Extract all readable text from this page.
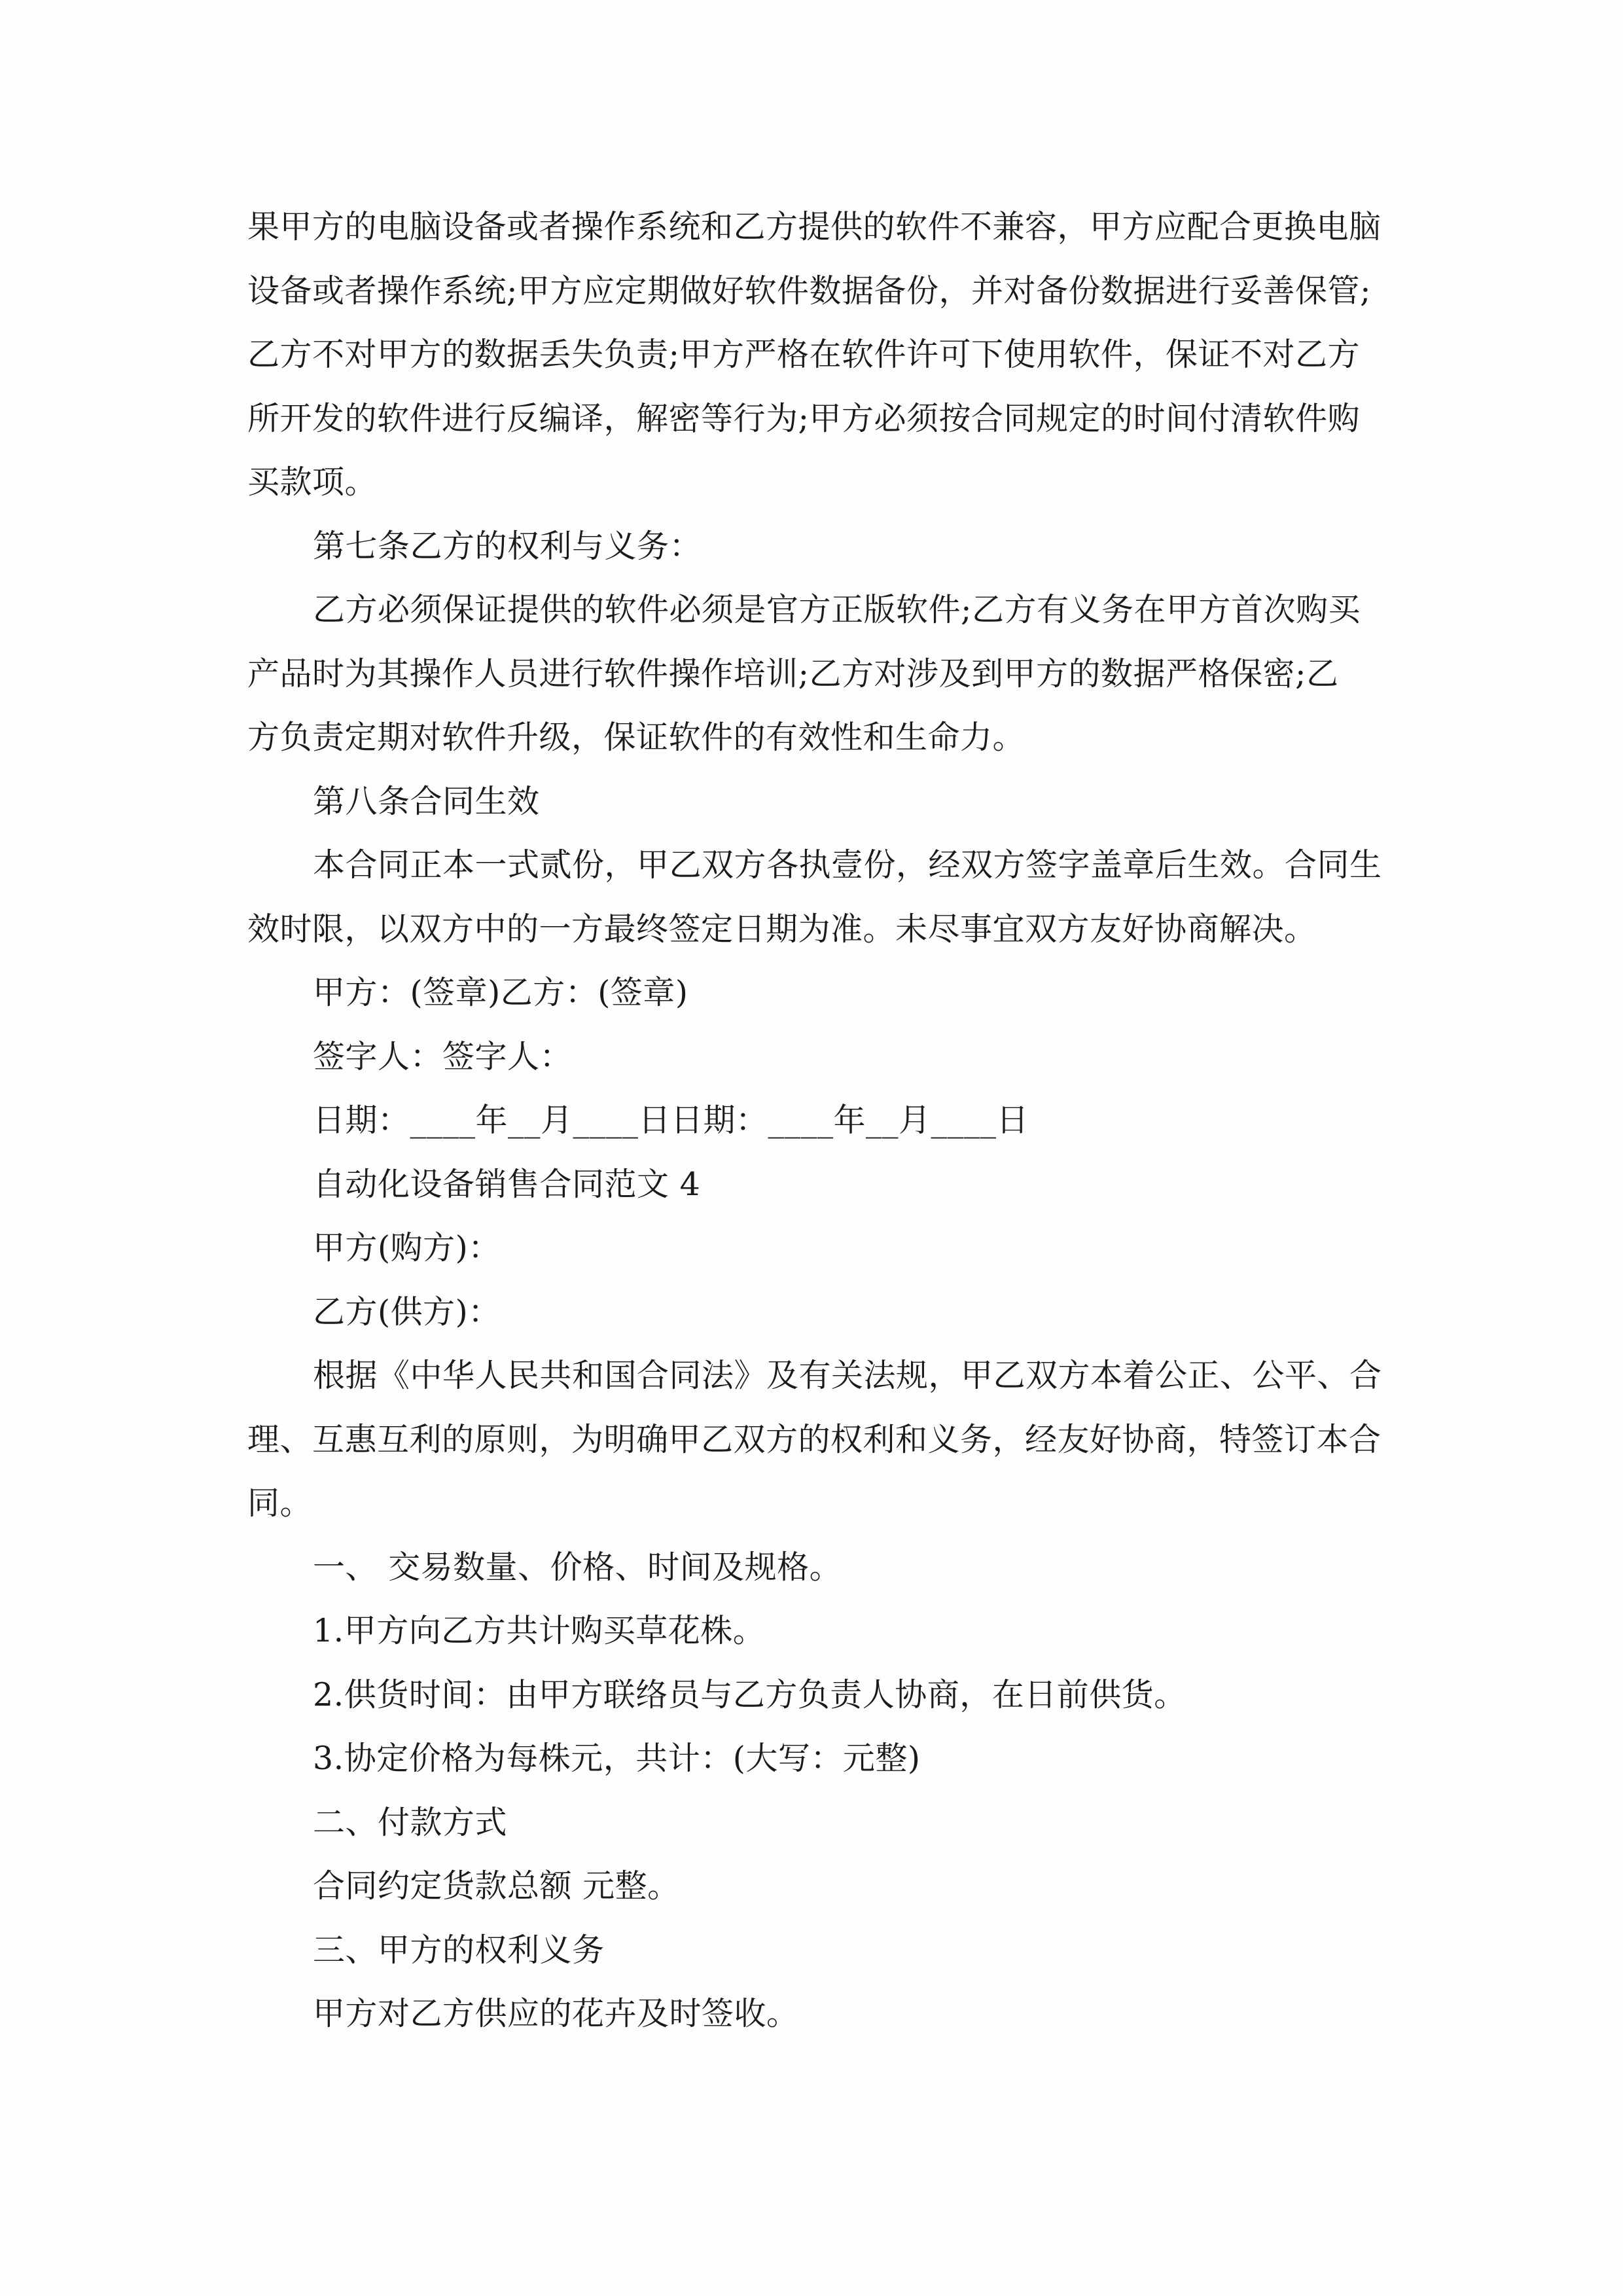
果甲方的电脑设备或者操作系统和乙方提供的软件不兼容，甲方应配合更换电脑
设备或者操作系统;甲方应定期做好软件数据备份，并对备份数据进行妥善保管;
乙方不对甲方的数据丢失负责;甲方严格在软件许可下使用软件，保证不对乙方
所开发的软件进行反编译，解密等行为;甲方必须按合同规定的时间付清软件购
买款项。
第七条乙方的权利与义务：
乙方必须保证提供的软件必须是官方正版软件;乙方有义务在甲方首次购买
产品时为其操作人员进行软件操作培训;乙方对涉及到甲方的数据严格保密;乙
方负责定期对软件升级，保证软件的有效性和生命力。
第八条合同生效
本合同正本一式贰份，甲乙双方各执壹份，经双方签字盖章后生效。合同生
效时限，以双方中的一方最终签定日期为准。未尽事宜双方友好协商解决。
甲方：(签章)乙方：(签章)
签字人：签字人：
日期：____年__月____日日期：____年__月____日
自动化设备销售合同范文 4
甲方(购方)：
乙方(供方)：
根据《中华人民共和国合同法》及有关法规，甲乙双方本着公正、公平、合
理、互惠互利的原则，为明确甲乙双方的权利和义务，经友好协商，特签订本合
同。
一、 交易数量、价格、时间及规格。
1.甲方向乙方共计购买草花株。
2.供货时间：由甲方联络员与乙方负责人协商，在日前供货。
3.协定价格为每株元，共计：(大写：元整)
二、付款方式
合同约定货款总额 元整。
三、甲方的权利义务
甲方对乙方供应的花卉及时签收。
